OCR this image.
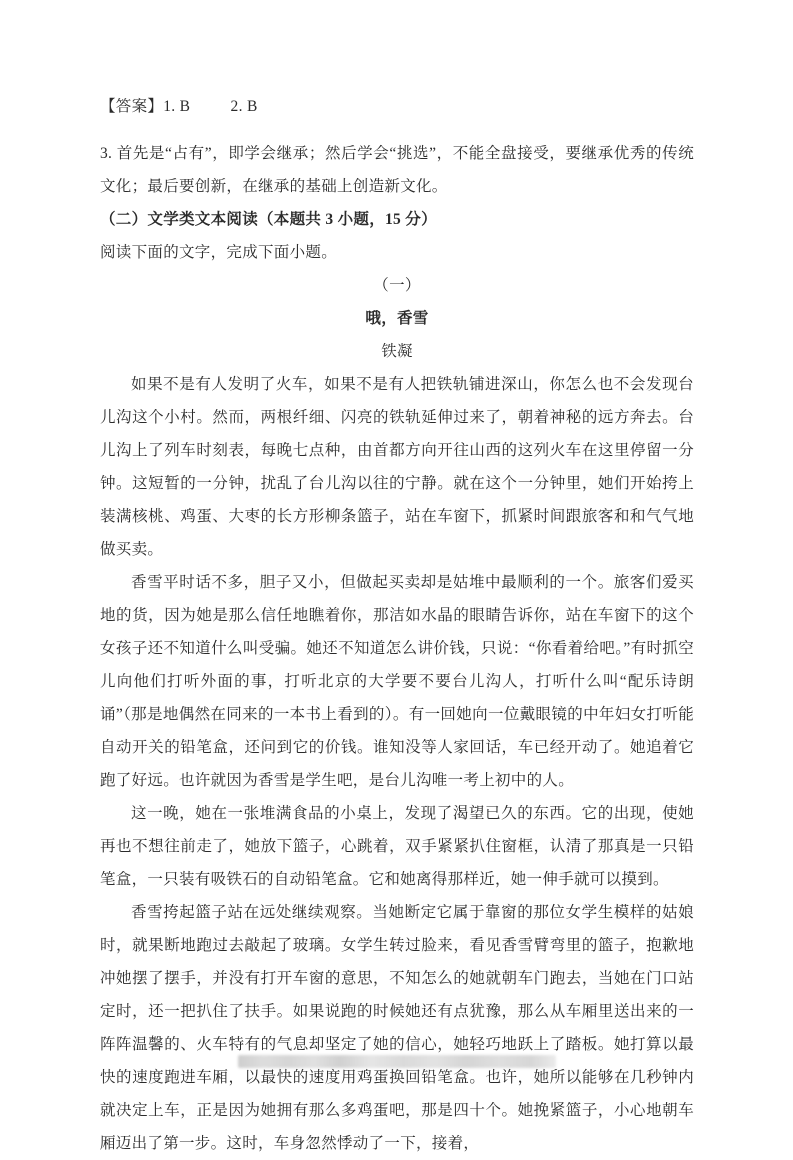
【答案】1. B	2. B

3. 首先是“占有”，即学会继承；然后学会“挑选”，不能全盘接受，要继承优秀的传统文化；最后要创新，在继承的基础上创造新文化。

（二）文学类文本阅读（本题共 3 小题，15 分）

阅读下面的文字，完成下面小题。

（一）

哦，香雪

铁凝

如果不是有人发明了火车，如果不是有人把铁轨铺进深山，你怎么也不会发现台儿沟这个小村。然而，两根纤细、闪亮的铁轨延伸过来了，朝着神秘的远方奔去。台儿沟上了列车时刻表，每晚七点种，由首都方向开往山西的这列火车在这里停留一分钟。这短暂的一分钟，扰乱了台儿沟以往的宁静。就在这个一分钟里，她们开始挎上装满核桃、鸡蛋、大枣的长方形柳条篮子，站在车窗下，抓紧时间跟旅客和和气气地做买卖。

香雪平时话不多，胆子又小，但做起买卖却是姑堆中最顺利的一个。旅客们爱买地的货，因为她是那么信任地瞧着你，那洁如水晶的眼睛告诉你，站在车窗下的这个女孩子还不知道什么叫受骗。她还不知道怎么讲价钱，只说：“你看着给吧。”有时抓空儿向他们打听外面的事，打听北京的大学要不要台儿沟人，打听什么叫“配乐诗朗诵”（那是地偶然在同来的一本书上看到的）。有一回她向一位戴眼镜的中年妇女打听能自动开关的铅笔盒，还问到它的价钱。谁知没等人家回话，车已经开动了。她追着它跑了好远。也许就因为香雪是学生吧，是台儿沟唯一考上初中的人。

这一晚，她在一张堆满食品的小桌上，发现了渴望已久的东西。它的出现，使她再也不想往前走了，她放下篮子，心跳着，双手紧紧扒住窗框，认清了那真是一只铅笔盒，一只装有吸铁石的自动铅笔盒。它和她离得那样近，她一伸手就可以摸到。

香雪挎起篮子站在远处继续观察。当她断定它属于靠窗的那位女学生模样的姑娘时，就果断地跑过去敲起了玻璃。女学生转过脸来，看见香雪臂弯里的篮子，抱歉地冲她摆了摆手，并没有打开车窗的意思，不知怎么的她就朝车门跑去，当她在门口站定时，还一把扒住了扶手。如果说跑的时候她还有点犹豫，那么从车厢里送出来的一阵阵温馨的、火车特有的气息却坚定了她的信心，她轻巧地跃上了踏板。她打算以最快的速度跑进车厢，以最快的速度用鸡蛋换回铅笔盒。也许，她所以能够在几秒钟内就决定上车，正是因为她拥有那么多鸡蛋吧，那是四十个。她挽紧篮子，小心地朝车厢迈出了第一步。这时，车身忽然悸动了一下，接着，
